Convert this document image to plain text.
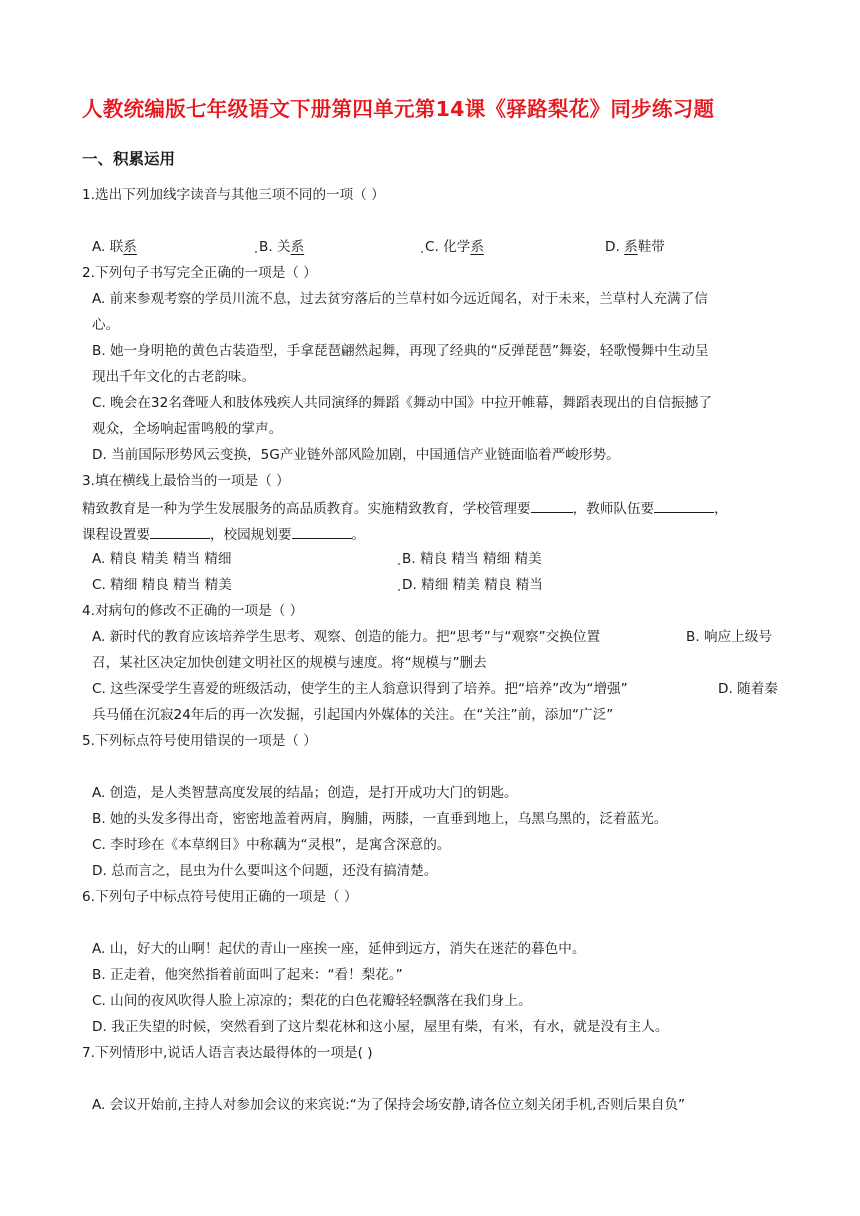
人教统编版七年级语文下册第四单元第14课《驿路梨花》同步练习题
一、积累运用
1.选出下列加线字读音与其他三项不同的一项（ ）
A. 联系	B. 关系	C. 化学系	D. 系鞋带
2.下列句子书写完全正确的一项是（ ）
A. 前来参观考察的学员川流不息，过去贫穷落后的兰草村如今远近闻名，对于未来，兰草村人充满了信
心。
B. 她一身明艳的黄色古装造型，手拿琵琶翩然起舞，再现了经典的“反弹琵琶”舞姿，轻歌慢舞中生动呈
现出千年文化的古老韵味。
C. 晚会在32名聋哑人和肢体残疾人共同演绎的舞蹈《舞动中国》中拉开帷幕，舞蹈表现出的自信振撼了
观众，全场响起雷鸣般的掌声。
D. 当前国际形势风云变换，5G产业链外部风险加剧，中国通信产业链面临着严峻形势。
3.填在横线上最恰当的一项是（ ）
精致教育是一种为学生发展服务的高品质教育。实施精致教育，学校管理要	，教师队伍要	，
课程设置要	，校园规划要	。
A. 精良 精美 精当 精细	B. 精良 精当 精细 精美
C. 精细 精良 精当 精美	D. 精细 精美 精良 精当
4.对病句的修改不正确的一项是（ ）
A. 新时代的教育应该培养学生思考、观察、创造的能力。把“思考”与“观察”交换位置	B. 响应上级号
召，某社区决定加快创建文明社区的规模与速度。将“规模与”删去
C. 这些深受学生喜爱的班级活动，使学生的主人翁意识得到了培养。把“培养”改为“增强”	D. 随着秦
兵马俑在沉寂24年后的再一次发掘，引起国内外媒体的关注。在“关注”前，添加“广泛”
5.下列标点符号使用错误的一项是（ ）
A. 创造，是人类智慧高度发展的结晶；创造，是打开成功大门的钥匙。
B. 她的头发多得出奇，密密地盖着两肩，胸脯，两膝，一直垂到地上，乌黑乌黑的，泛着蓝光。
C. 李时珍在《本草纲目》中称藕为“灵根”，是寓含深意的。
D. 总而言之，昆虫为什么要叫这个问题，还没有搞清楚。
6.下列句子中标点符号使用正确的一项是（ ）
A. 山，好大的山啊！起伏的青山一座挨一座，延伸到远方，消失在迷茫的暮色中。
B. 正走着，他突然指着前面叫了起来：“看！梨花。”
C. 山间的夜风吹得人脸上凉凉的；梨花的白色花瓣轻轻飘落在我们身上。
D. 我正失望的时候，突然看到了这片梨花林和这小屋，屋里有柴，有米，有水，就是没有主人。
7.下列情形中,说话人语言表达最得体的一项是( )
A. 会议开始前,主持人对参加会议的来宾说:“为了保持会场安静,请各位立刻关闭手机,否则后果自负”
